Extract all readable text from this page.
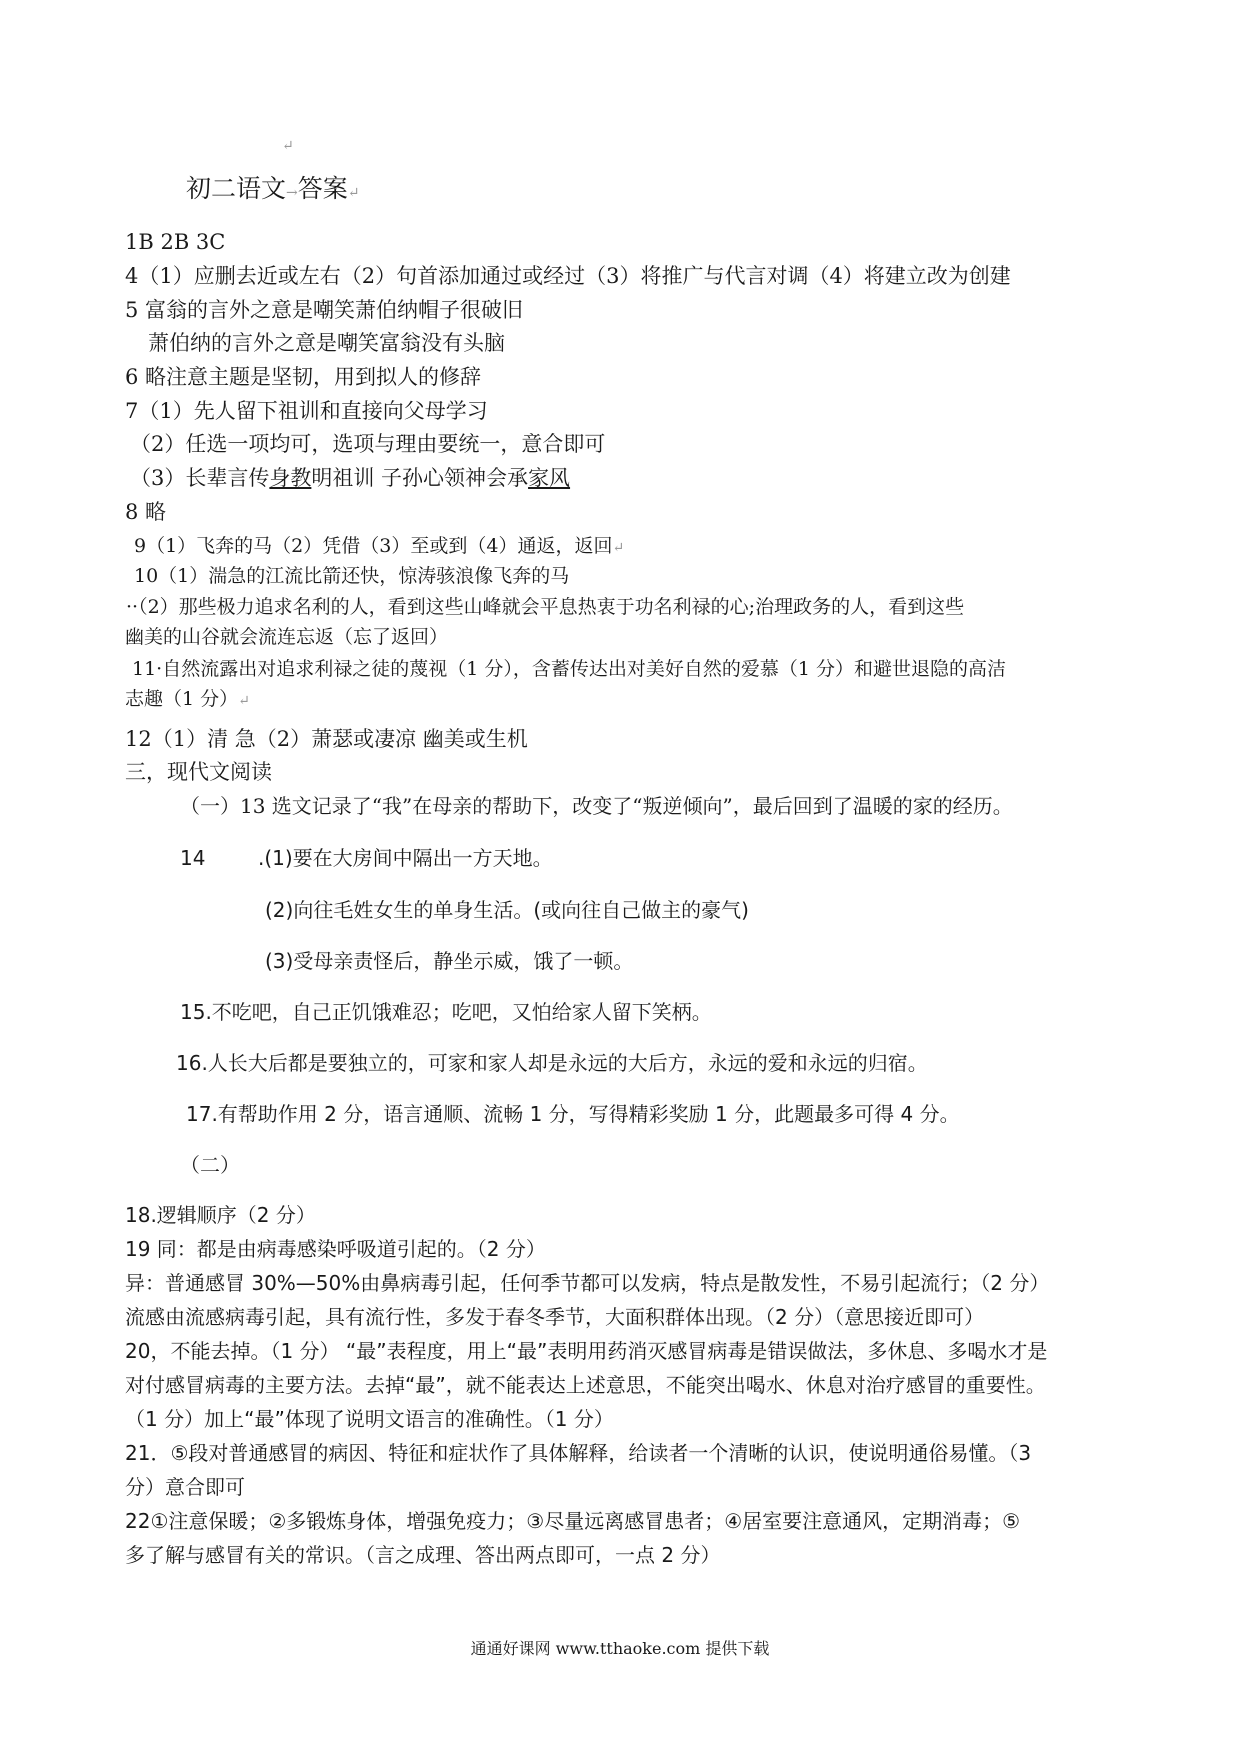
↵
初二语文→答案↵
1B 2B 3C
4（1）应删去近或左右（2）句首添加通过或经过（3）将推广与代言对调（4）将建立改为创建
5 富翁的言外之意是嘲笑萧伯纳帽子很破旧
萧伯纳的言外之意是嘲笑富翁没有头脑
6 略注意主题是坚韧，用到拟人的修辞
7（1）先人留下祖训和直接向父母学习
（2）任选一项均可，选项与理由要统一，意合即可
（3）长辈言传身教明祖训 子孙心领神会承家风
8 略
9（1）飞奔的马（2）凭借（3）至或到（4）通返，返回↵
10（1）湍急的江流比箭还快，惊涛骇浪像飞奔的马
··（2）那些极力追求名利的人，看到这些山峰就会平息热衷于功名利禄的心;治理政务的人，看到这些
幽美的山谷就会流连忘返（忘了返回）
11·自然流露出对追求利禄之徒的蔑视（1 分），含蓄传达出对美好自然的爱慕（1 分）和避世退隐的高洁
志趣（1 分）↵
12（1）清 急（2）萧瑟或凄凉 幽美或生机
三，现代文阅读
（一）13 选文记录了“我”在母亲的帮助下，改变了“叛逆倾向”，最后回到了温暖的家的经历。
14	.(1)要在大房间中隔出一方天地。
(2)向往毛姓女生的单身生活。(或向往自己做主的豪气)
(3)受母亲责怪后，静坐示威，饿了一顿。
15.不吃吧，自己正饥饿难忍；吃吧，又怕给家人留下笑柄。
16.人长大后都是要独立的，可家和家人却是永远的大后方，永远的爱和永远的归宿。
17.有帮助作用 2 分，语言通顺、流畅 1 分，写得精彩奖励 1 分，此题最多可得 4 分。
（二）
18.逻辑顺序（2 分）
19 同：都是由病毒感染呼吸道引起的。（2 分）
异：普通感冒 30%—50%由鼻病毒引起，任何季节都可以发病，特点是散发性，不易引起流行；（2 分）
流感由流感病毒引起，具有流行性，多发于春冬季节，大面积群体出现。（2 分）（意思接近即可）
20，不能去掉。（1 分） “最”表程度，用上“最”表明用药消灭感冒病毒是错误做法，多休息、多喝水才是
对付感冒病毒的主要方法。去掉“最”，就不能表达上述意思，不能突出喝水、休息对治疗感冒的重要性。
（1 分）加上“最”体现了说明文语言的准确性。（1 分）
21．⑤段对普通感冒的病因、特征和症状作了具体解释，给读者一个清晰的认识，使说明通俗易懂。（3
分）意合即可
22①注意保暖；②多锻炼身体，增强免疫力；③尽量远离感冒患者；④居室要注意通风，定期消毒；⑤
多了解与感冒有关的常识。（言之成理、答出两点即可，一点 2 分）
通通好课网 www.tthaoke.com 提供下载
